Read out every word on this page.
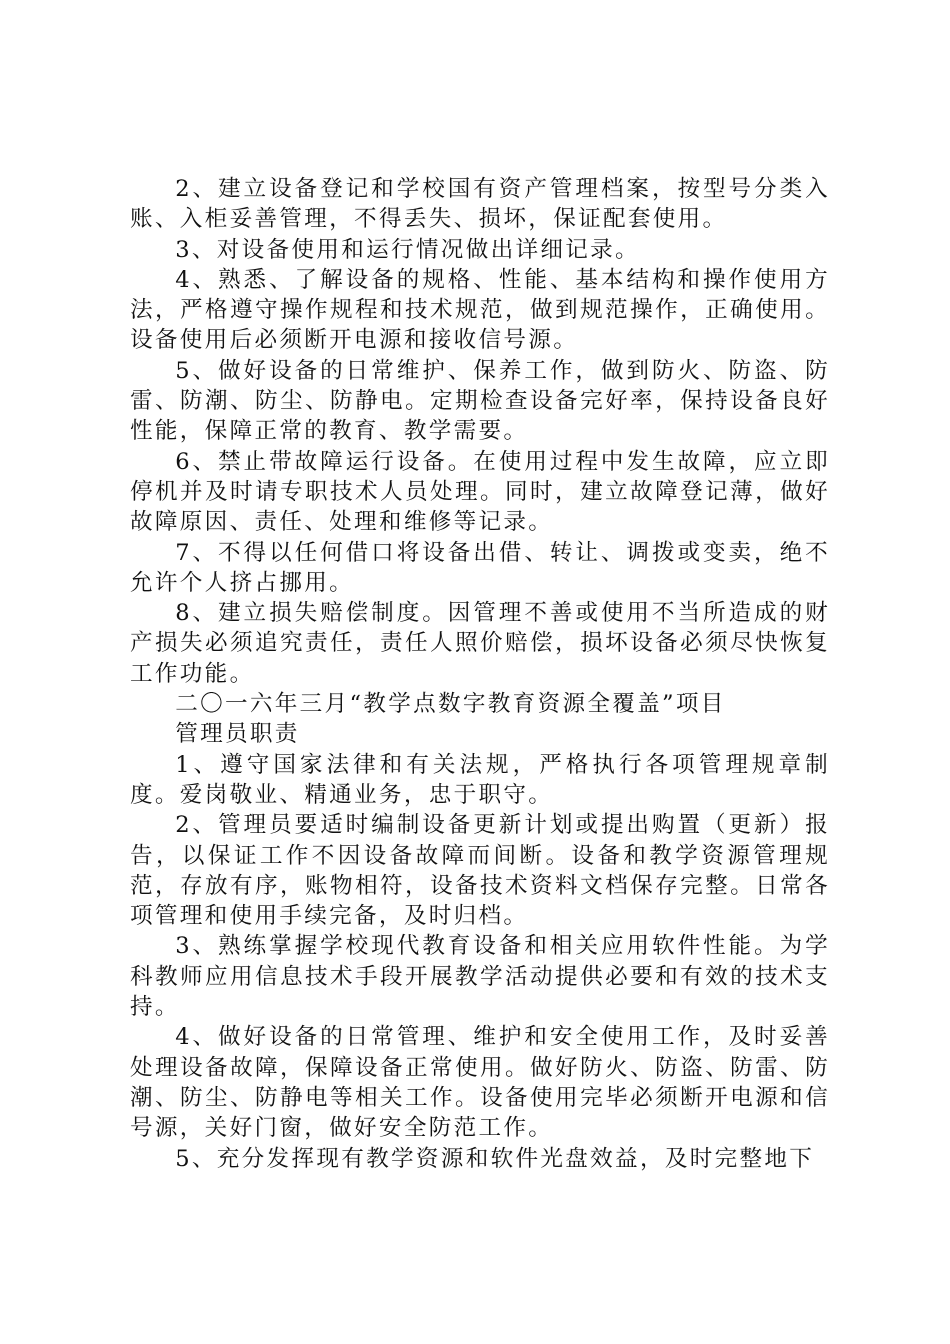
2、建立设备登记和学校国有资产管理档案，按型号分类入账、入柜妥善管理，不得丢失、损坏，保证配套使用。

3、对设备使用和运行情况做出详细记录。

4、熟悉、了解设备的规格、性能、基本结构和操作使用方法，严格遵守操作规程和技术规范，做到规范操作，正确使用。设备使用后必须断开电源和接收信号源。

5、做好设备的日常维护、保养工作，做到防火、防盗、防雷、防潮、防尘、防静电。定期检查设备完好率，保持设备良好性能，保障正常的教育、教学需要。

6、禁止带故障运行设备。在使用过程中发生故障，应立即停机并及时请专职技术人员处理。同时，建立故障登记薄，做好故障原因、责任、处理和维修等记录。

7、不得以任何借口将设备出借、转让、调拨或变卖，绝不允许个人挤占挪用。

8、建立损失赔偿制度。因管理不善或使用不当所造成的财产损失必须追究责任，责任人照价赔偿，损坏设备必须尽快恢复工作功能。

二〇一六年三月“教学点数字教育资源全覆盖”项目

管理员职责

1、遵守国家法律和有关法规，严格执行各项管理规章制度。爱岗敬业、精通业务，忠于职守。

2、管理员要适时编制设备更新计划或提出购置（更新）报告，以保证工作不因设备故障而间断。设备和教学资源管理规范，存放有序，账物相符，设备技术资料文档保存完整。日常各项管理和使用手续完备，及时归档。

3、熟练掌握学校现代教育设备和相关应用软件性能。为学科教师应用信息技术手段开展教学活动提供必要和有效的技术支持。

4、做好设备的日常管理、维护和安全使用工作，及时妥善处理设备故障，保障设备正常使用。做好防火、防盗、防雷、防潮、防尘、防静电等相关工作。设备使用完毕必须断开电源和信号源，关好门窗，做好安全防范工作。

5、充分发挥现有教学资源和软件光盘效益，及时完整地下
